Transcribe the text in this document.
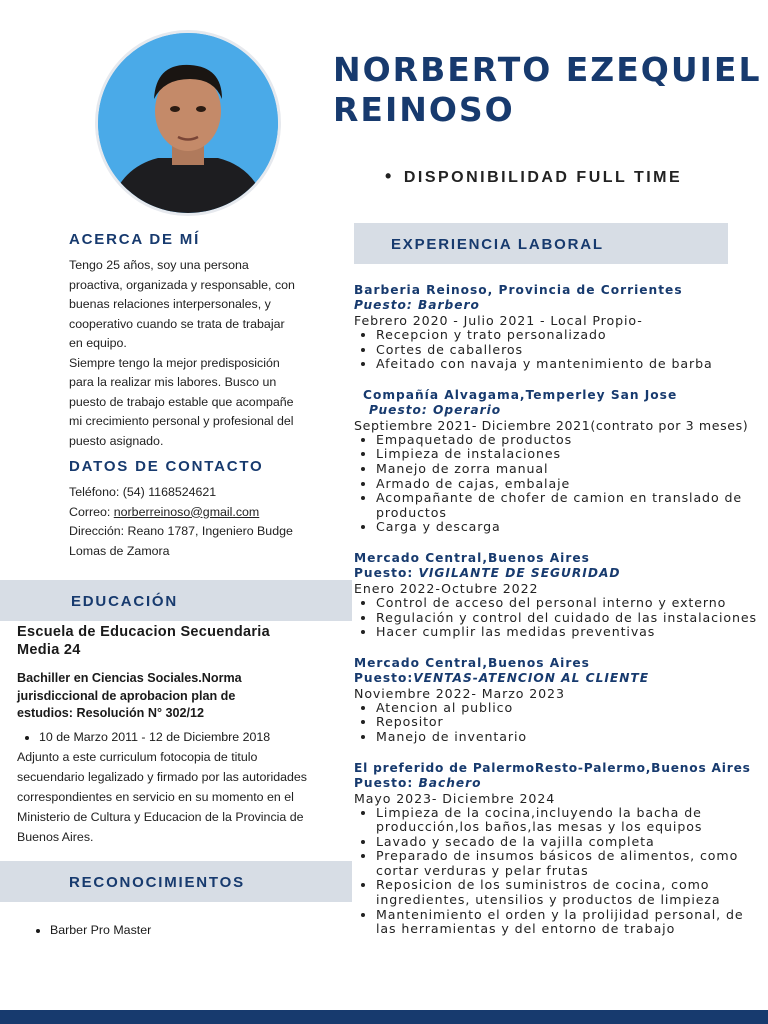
NORBERTO EZEQUIEL
REINOSO
• DISPONIBILIDAD FULL TIME
ACERCA DE MÍ
Tengo 25 años, soy una persona
proactiva, organizada y responsable, con
buenas relaciones interpersonales, y
cooperativo cuando se trata de trabajar
en equipo.
Siempre tengo la mejor predisposición
para la realizar mis labores. Busco un
puesto de trabajo estable que acompañe
mi crecimiento personal y profesional del
puesto asignado.
DATOS DE CONTACTO
Teléfono: (54) 1168524621
Correo: norberreinoso@gmail.com
Dirección: Reano 1787, Ingeniero Budge
Lomas de Zamora
EDUCACIÓN
Escuela de Educacion Secuendaria
Media 24
Bachiller en Ciencias Sociales.Norma
jurisdiccional de aprobacion plan de
estudios: Resolución N° 302/12
• 10 de Marzo 2011 - 12 de Diciembre 2018
Adjunto a este curriculum fotocopia de titulo
secuendario legalizado y firmado por las autoridades
correspondientes en servicio en su momento en el
Ministerio de Cultura y Educacion de la Provincia de
Buenos Aires.
RECONOCIMIENTOS
• Barber Pro Master
EXPERIENCIA LABORAL
Barberia Reinoso, Provincia de Corrientes
Puesto: Barbero
Febrero 2020 - Julio 2021 - Local Propio-
• Recepcion y trato personalizado
• Cortes de caballeros
• Afeitado con navaja y mantenimiento de barba
Compañía Alvagama,Temperley San Jose
Puesto: Operario
Septiembre 2021- Diciembre 2021(contrato por 3 meses)
• Empaquetado de productos
• Limpieza de instalaciones
• Manejo de zorra manual
• Armado de cajas, embalaje
• Acompañante de chofer de camion en translado de productos
• Carga y descarga
Mercado Central,Buenos Aires
Puesto: VIGILANTE DE SEGURIDAD
Enero 2022-Octubre 2022
• Control de acceso del personal interno y externo
• Regulación y control del cuidado de las instalaciones
• Hacer cumplir las medidas preventivas
Mercado Central,Buenos Aires
Puesto:VENTAS-ATENCION AL CLIENTE
Noviembre 2022- Marzo 2023
• Atencion al publico
• Repositor
• Manejo de inventario
El preferido de PalermoResto-Palermo,Buenos Aires
Puesto: Bachero
Mayo 2023- Diciembre 2024
• Limpieza de la cocina,incluyendo la bacha de producción,los baños,las mesas y los equipos
• Lavado y secado de la vajilla completa
• Preparado de insumos básicos de alimentos, como cortar verduras y pelar frutas
• Reposicion de los suministros de cocina, como ingredientes, utensilios y productos de limpieza
• Mantenimiento el orden y la prolijidad personal, de las herramientas y del entorno de trabajo
